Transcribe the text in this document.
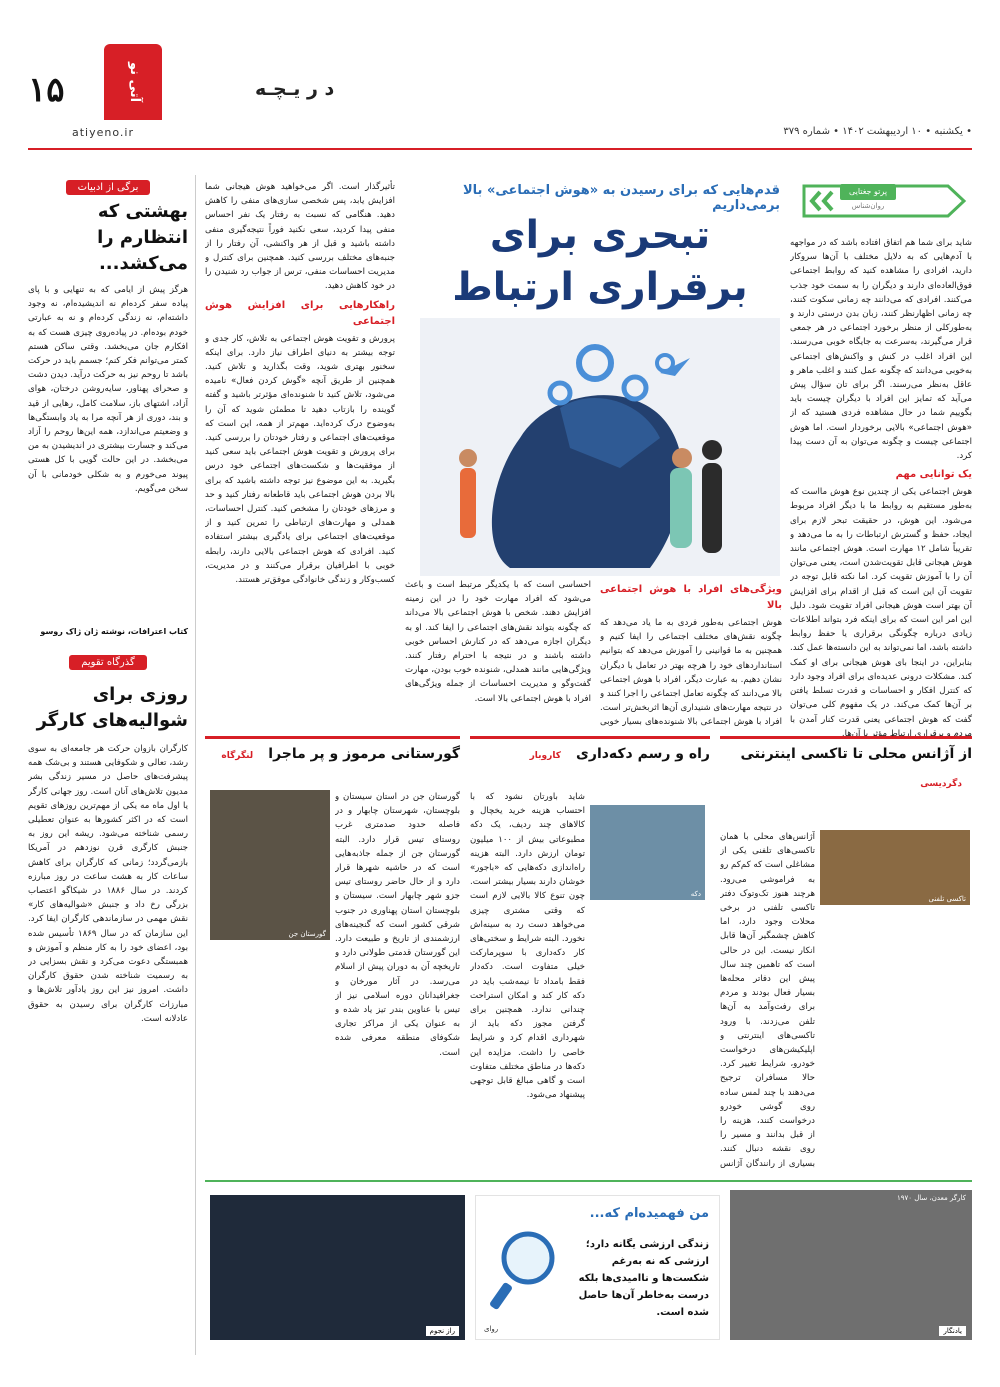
۱۵	آتی نو	د ر یـچـه
atiyeno.ir	• یکشنبه • ۱۰ اردیبهشت ۱۴۰۲ • شماره ۳۷۹
پرتو جغتایی
روان‌شناس
قدم‌هایی که برای رسیدن به «هوش اجتماعی» بالا برمی‌داریم
تبحری برای برقراری ارتباط

شاید برای شما هم اتفاق افتاده باشد که در مواجهه با آدم‌هایی که به دلایل مختلف با آن‌ها سروکار دارید، افرادی را مشاهده کنید که روابط اجتماعی فوق‌العاده‌ای دارند و دیگران را به سمت خود جذب می‌کنند. افرادی که می‌دانند چه زمانی سکوت کنند، چه زمانی اظهارنظر کنند، زبان بدن درستی دارند و به‌طورکلی از منظر برخورد اجتماعی در هر جمعی قرار می‌گیرند، به‌سرعت به جایگاه خوبی می‌رسند. این افراد اغلب در کنش و واکنش‌های اجتماعی به‌خوبی می‌دانند که چگونه عمل کنند و اغلب ماهر و عاقل به‌نظر می‌رسند. اگر برای تان سؤال پیش می‌آید که تمایز این افراد با دیگران چیست باید بگوییم شما در حال مشاهده فردی هستید که از «هوش اجتماعی» بالایی برخوردار است. اما هوش اجتماعی چیست و چگونه می‌توان به آن دست پیدا کرد.

یک توانایی مهم

هوش اجتماعی یکی از چندین نوع هوش مااست که به‌طور مستقیم به روابط ما با دیگر افراد مربوط می‌شود. این هوش، در حقیقت تبحر لازم برای ایجاد، حفظ و گسترش ارتباطات را به ما می‌دهد و تقریباً شامل ۱۲ مهارت است. هوش اجتماعی مانند هوش هیجانی قابل تقویت‌شدن است، یعنی می‌توان آن را با آموزش تقویت کرد. اما نکته قابل توجه در تقویت آن این است که قبل از اقدام برای افزایش آن بهتر است هوش هیجانی افراد تقویت شود. دلیل این امر این است که برای اینکه فرد بتواند اطلاعات زیادی درباره چگونگی برقراری یا حفظ روابط داشته باشد، اما نمی‌تواند به این دانسته‌ها عمل کند. بنابراین، در اینجا بای هوش هیجانی برای او کمک کند. مشکلات درونی عدیده‌ای برای افراد وجود دارد که کنترل افکار و احساسات و قدرت تسلط یافتن بر آن‌ها کمک می‌کند. در یک مفهوم کلی‌ می‌توان گفت که هوش اجتماعی یعنی قدرت کنار آمدن با مردم و برقراری ارتباط مؤثر با آن‌ها.

ویژگی‌های افراد با هوش اجتماعی بالا

هوش اجتماعی به‌طور فردی به ما یاد می‌دهد که چگونه نقش‌های مختلف اجتماعی را ایفا کنیم و همچنین به ما قوانینی را آموزش می‌دهد که بتوانیم استانداردهای خود را هرچه بهتر در تعامل با دیگران نشان دهیم. به عبارت دیگر، افراد با هوش اجتماعی بالا می‌دانند که چگونه تعامل اجتماعی را اجرا کنند و در نتیجه مهارت‌های شنیداری آن‌ها اثربخش‌تر است. افراد با هوش اجتماعی بالا شنونده‌های بسیار خوبی

احساسی است که با یکدیگر مرتبط است و باعث می‌شود که افراد مهارت خود را در این زمینه افزایش دهند. شخص با هوش اجتماعی بالا می‌داند که چگونه بتواند نقش‌های اجتماعی را ایفا کند. او به دیگران اجازه می‌دهد که در کنارش احساس خوبی داشته باشند و در نتیجه با احترام رفتار کنند. ویژگی‌هایی مانند همدلی، شنونده خوب بودن، مهارت گفت‌وگو و مدیریت احساسات از جمله ویژگی‌های افراد با هوش اجتماعی بالا است.

تأثیرگذار است. اگر می‌خواهید هوش هیجانی شما افزایش یابد، پس شخصی سازی‌های منفی را کاهش دهید. هنگامی که نسبت به رفتار یک نفر احساس منفی پیدا کردید، سعی نکنید فوراً نتیجه‌گیری منفی داشته باشید و قبل از هر واکنشی، آن رفتار را از جنبه‌های مختلف بررسی کنید. همچنین برای کنترل و مدیریت احساسات منفی، ترس از جواب رد شنیدن را در خود کاهش دهید.

راهکارهایی برای افزایش هوش اجتماعی

پرورش و تقویت هوش اجتماعی به تلاش، کار جدی و توجه بیشتر به دنیای اطراف نیاز دارد. برای اینکه سخنور بهتری شوید، وقت بگذارید و تلاش کنید. همچنین از طریق آنچه «گوش کردن فعال» نامیده می‌شود، تلاش کنید تا شنونده‌ای مؤثرتر باشید و گفته گوینده را بازتاب دهید تا مطمئن شوید که آن را به‌وضوح درک کرده‌اید. مهم‌تر از همه، این است که موقعیت‌های اجتماعی و رفتار خودتان را بررسی کنید. برای پرورش و تقویت هوش اجتماعی باید سعی کنید از موفقیت‌ها و شکست‌های اجتماعی خود درس بگیرید. به این موضوع نیز توجه داشته باشید که برای بالا بردن هوش اجتماعی باید قاطعانه رفتار کنید و حد و مرزهای خودتان را مشخص کنید. کنترل احساسات، همدلی و مهارت‌های ارتباطی را تمرین کنید و از موقعیت‌های اجتماعی برای یادگیری بیشتر استفاده کنید. افرادی که هوش اجتماعی بالایی دارند، رابطه خوبی با اطرافیان برقرار می‌کنند و در مدیریت، کسب‌وکار و زندگی خانوادگی موفق‌تر هستند.

برگی از ادبیات
بهشتی که انتظارم را می‌کشد...
هرگز پیش از ایامی که به تنهایی و با پای پیاده سفر کرده‌ام نه اندیشیده‌ام، نه وجود داشته‌ام، نه زندگی کرده‌ام و نه به عبارتی خودم بوده‌ام. در پیاده‌روی چیزی هست که به افکارم جان می‌بخشد. وقتی ساکن هستم کمتر می‌توانم فکر کنم؛ جسمم باید در حرکت باشد تا روحم نیز به حرکت درآید. دیدن دشت و صحرای پهناور، سایه‌روشن درختان، هوای آزاد، اشتهای باز، سلامت کامل، رهایی از قید و بند، دوری از هر آنچه مرا به یاد وابستگی‌ها و وضعیتم می‌اندازد، همه این‌ها روحم را آزاد می‌کند و جسارت بیشتری در اندیشیدن به من می‌بخشد. در این حالت گویی با کل هستی پیوند می‌خورم و به شکلی خودمانی با آن سخن می‌گویم.
کتاب اعترافات، نوشته ژان ژاک روسو
گذرگاه تقویم
روزی برای شوالیه‌های کارگر
کارگران بازوان حرکت هر جامعه‌ای به سوی رشد، تعالی و شکوفایی هستند و بی‌شک همه پیشرفت‌های حاصل در مسیر زندگی بشر مدیون تلاش‌های آنان است. روز جهانی کارگر یا اول ماه مه یکی از مهم‌ترین روزهای تقویم است که در اکثر کشورها به عنوان تعطیلی رسمی شناخته می‌شود. ریشه این روز به جنبش کارگری قرن نوزدهم در آمریکا بازمی‌گردد؛ زمانی که کارگران برای کاهش ساعات کار به هشت ساعت در روز مبارزه کردند. در سال ۱۸۸۶ در شیکاگو اعتصاب بزرگی رخ داد و جنبش «شوالیه‌های کار» نقش مهمی در سازماندهی کارگران ایفا کرد. این سازمان که در سال ۱۸۶۹ تأسیس شده بود، اعضای خود را به کار منظم و آموزش و همبستگی دعوت می‌کرد و نقش بسزایی در به رسمیت شناخته شدن حقوق کارگران داشت. امروز نیز این روز یادآور تلاش‌ها و مبارزات کارگران برای رسیدن به حقوق عادلانه است.
از آژانس محلی تا تاکسی اینترنتی دگردیسی
تاکسی تلفنی
آژانس‌های محلی با همان تاکسی‌های تلفنی یکی از مشاغلی است که کم‌کم رو به فراموشی می‌رود. هرچند هنوز تک‌وتوک دفتر تاکسی تلفنی در برخی محلات وجود دارد، اما کاهش چشمگیر آن‌ها قابل انکار نیست. این در حالی است که تاهمین چند سال پیش این دفاتر محله‌ها بسیار فعال بودند و مردم برای رفت‌وآمد به آن‌ها تلفن می‌زدند. با ورود تاکسی‌های اینترنتی و اپلیکیشن‌های درخواست خودرو، شرایط تغییر کرد. حالا مسافران ترجیح می‌دهند با چند لمس ساده روی گوشی خودرو درخواست کنند، هزینه را از قبل بدانند و مسیر را روی نقشه دنبال کنند. بسیاری از رانندگان آژانس
راه و رسم دکه‌داری کاروبار
دکه
شاید باورتان نشود که با احتساب هزینه خرید یخچال و کالاهای چند ردیف، یک دکه مطبوعاتی بیش از ۱۰۰ میلیون تومان ارزش دارد. البته هزینه راه‌اندازی دکه‌هایی که «باجور» خوشان دارند بسیار بیشتر است. چون تنوع کالا بالایی لازم است که وقتی مشتری چیزی می‌خواهد دست رد به سینه‌اش نخورد. البته شرایط و سختی‌های کار دکه‌داری با سوپرمارکت خیلی متفاوت است. دکه‌دار فقط بامداد تا نیمه‌شب باید در دکه کار کند و امکان استراحت چندانی ندارد. همچنین برای گرفتن مجوز دکه باید از شهرداری اقدام کرد و شرایط خاصی را داشت. مزایده این دکه‌ها در مناطق مختلف متفاوت است و گاهی مبالغ قابل توجهی پیشنهاد می‌شود.
گورستانی مرموز و پر ماجرا لنگرگاه
گورستان جن
گورستان جن در استان سیستان و بلوچستان، شهرستان چابهار و در فاصله حدود صدمتری غرب روستای تیس قرار دارد. البته گورستان جن از جمله جاذبه‌هایی است که در حاشیه شهرها قرار دارد و از حال حاضر روستای تیس جزو شهر چابهار است. سیستان و بلوچستان استان پهناوری در جنوب شرقی کشور است که گنجینه‌های ارزشمندی از تاریخ و طبیعت دارد. این گورستان قدمتی طولانی دارد و تاریخچه آن به دوران پیش از اسلام می‌رسد. در آثار مورخان و جغرافیدانان دوره اسلامی نیز از تیس با عناوین بندر تیز یاد شده و به عنوان یکی از مراکز تجاری شکوفای منطقه معرفی شده است.
کارگر معدن، سال ۱۹۷۰
یادنگار
من فهمیده‌ام که...
زندگی ارزشی یگانه دارد؛ ارزشی که نه به‌رغم شکست‌ها و ناامیدی‌ها بلکه درست به‌خاطر آن‌ها حاصل شده است.
روای
راز نجوم
